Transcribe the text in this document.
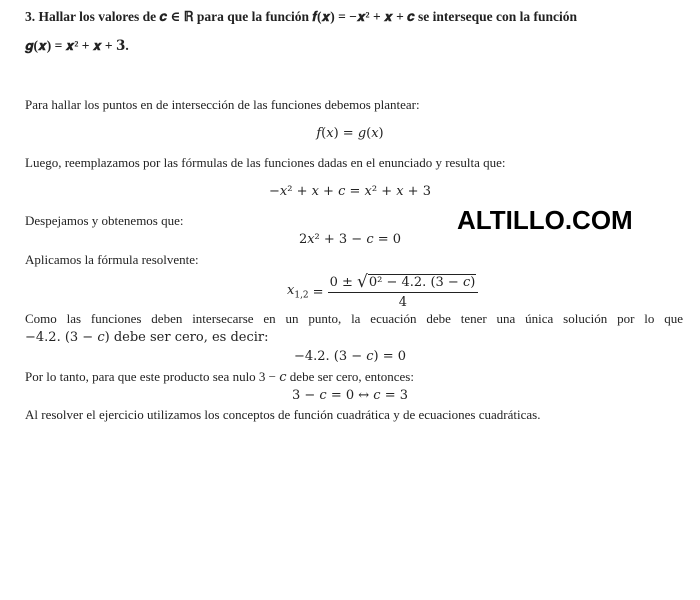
3. Hallar los valores de 𝒄 ∈ ℝ para que la función 𝒇(𝒙) = −𝒙² + 𝒙 + 𝒄 se interseque con la función
𝒈(𝒙) = 𝒙² + 𝒙 + 𝟑.
Para hallar los puntos en de intersección de las funciones debemos plantear:
𝑓(𝑥) = 𝑔(𝑥)
Luego, reemplazamos por las fórmulas de las funciones dadas en el enunciado y resulta que:
−𝑥² + 𝑥 + 𝑐 = 𝑥² + 𝑥 + 3
Despejamos y obtenemos que:
2𝑥² + 3 − 𝑐 = 0
Aplicamos la fórmula resolvente:
𝑥$_{1,2}$ = $\frac{\text{0 ± √ 0² − 4.2. (3 − 𝑐)}}{4}$
Como las funciones deben intersecarse en un punto, la ecuación debe tener una única solución por lo que
−4.2. (3 − 𝑐) debe ser cero, es decir:
−4.2. (3 − 𝑐) = 0
Por lo tanto, para que este producto sea nulo 3 − 𝑐 debe ser cero, entonces:
3 − 𝑐 = 0 ↔ 𝑐 = 3
Al resolver el ejercicio utilizamos los conceptos de función cuadrática y de ecuaciones cuadráticas.
ALTILLO.COM
